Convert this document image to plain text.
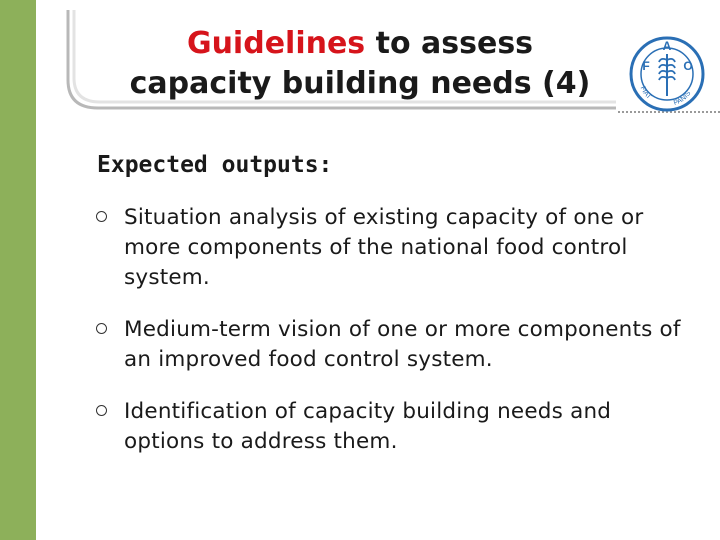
Guidelines to assess
capacity building needs (4)
A
F	O
FIAT
PANIS
Expected outputs:
Situation analysis of existing capacity of one or more components of the national food control system.
Medium-term vision of one or more components of an improved food control system.
Identification of capacity building needs and options to address them.
